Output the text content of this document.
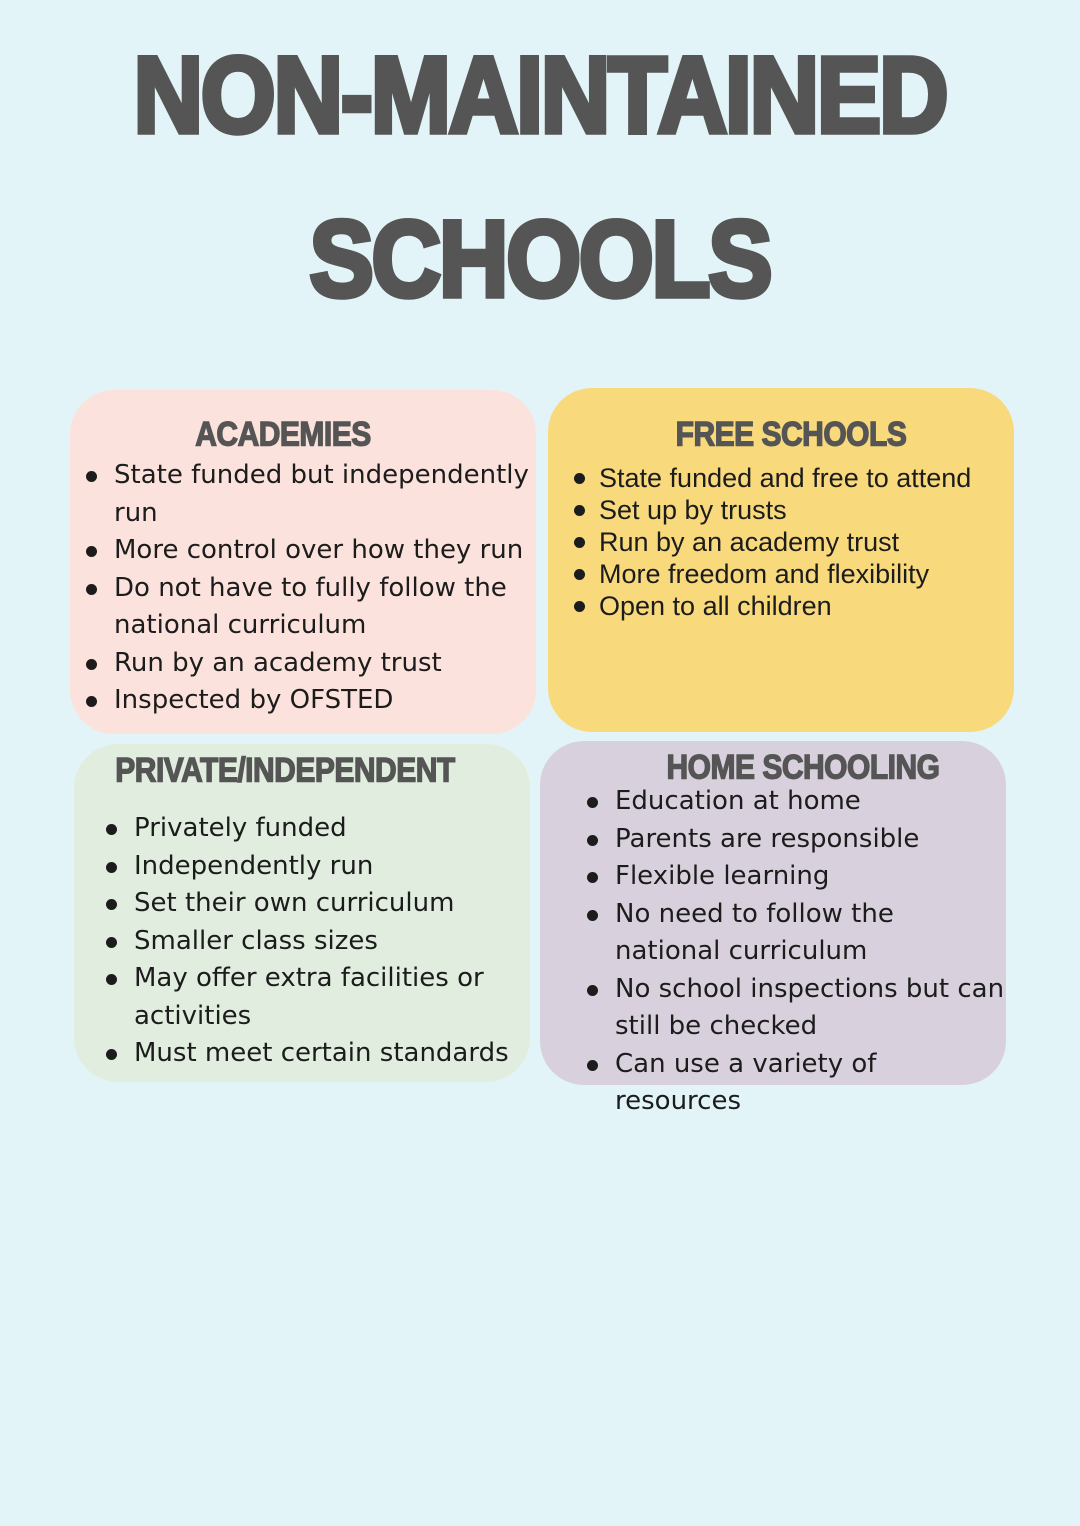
NON-MAINTAINED
SCHOOLS
ACADEMIES
State funded but independently run
More control over how they run
Do not have to fully follow the national curriculum
Run by an academy trust
Inspected by OFSTED
FREE SCHOOLS
State funded and free to attend
Set up by trusts
Run by an academy trust
More freedom and flexibility
Open to all children
PRIVATE/INDEPENDENT
Privately funded
Independently run
Set their own curriculum
Smaller class sizes
May offer extra facilities or activities
Must meet certain standards
HOME SCHOOLING
Education at home
Parents are responsible
Flexible learning
No need to follow the national curriculum
No school inspections but can still be checked
Can use a variety of resources
